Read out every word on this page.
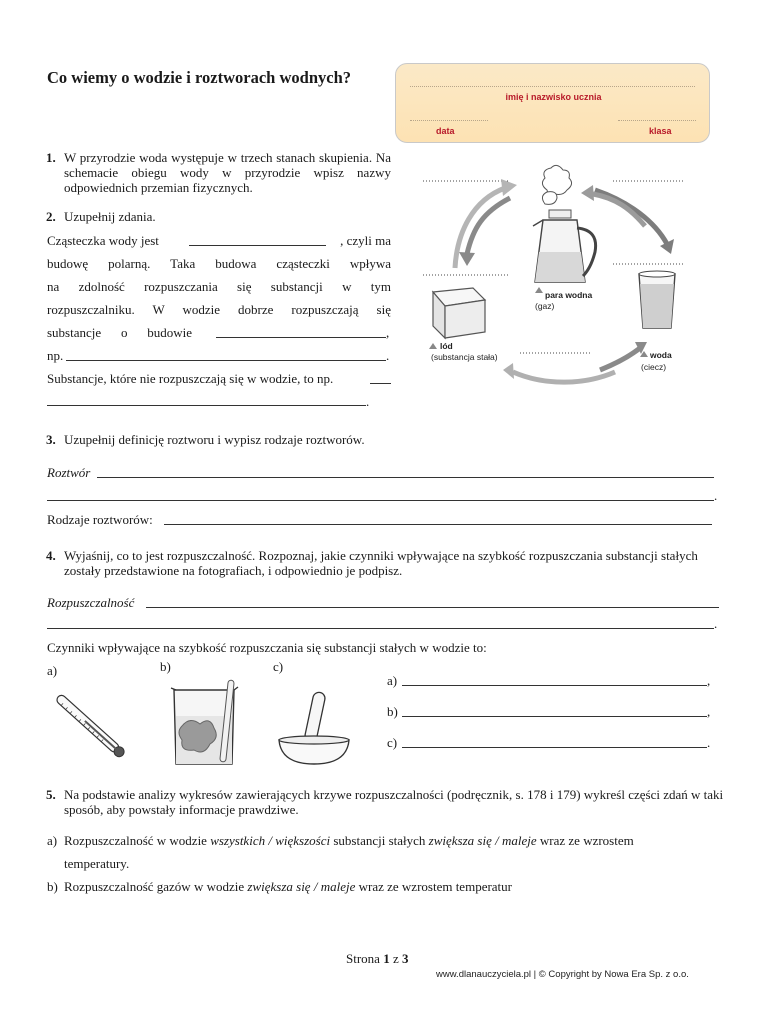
Co wiemy o wodzie i roztworach wodnych?
imię i nazwisko ucznia
data	klasa
1. W przyrodzie woda występuje w trzech stanach skupienia. Na schemacie obiegu wody w przyrodzie wpisz nazwy odpowiednich przemian fizycznych.
2. Uzupełnij zdania.
Cząsteczka wody jest	, czyli ma
budowę polarną. Taka budowa cząsteczki wpływa
na zdolność rozpuszczania się substancji w tym
rozpuszczalniku. W wodzie dobrze rozpuszczają się
substancje o budowie	,
np.	.
Substancje, które nie rozpuszczają się w wodzie, to np.
.
para wodna
(gaz)
lód
(substancja stała)	woda
(ciecz)
3. Uzupełnij definicję roztworu i wypisz rodzaje roztworów.
Roztwór
.
Rodzaje roztworów:
4. Wyjaśnij, co to jest rozpuszczalność. Rozpoznaj, jakie czynniki wpływające na szybkość rozpuszczania substancji stałych zostały przedstawione na fotografiach, i odpowiednio je podpisz.
Rozpuszczalność
.
Czynniki wpływające na szybkość rozpuszczania się substancji stałych w wodzie to:
a)	b)	c)
a)	,
b)	,
c)	.
5. Na podstawie analizy wykresów zawierających krzywe rozpuszczalności (podręcznik, s. 178 i 179) wykreśl części zdań w taki sposób, aby powstały informacje prawdziwe.
a) Rozpuszczalność w wodzie wszystkich / większości substancji stałych zwiększa się / maleje wraz ze wzrostem
temperatury.
b) Rozpuszczalność gazów w wodzie zwiększa się / maleje wraz ze wzrostem temperatur
Strona 1 z 3
www.dlanauczyciela.pl | © Copyright by Nowa Era Sp. z o.o.
